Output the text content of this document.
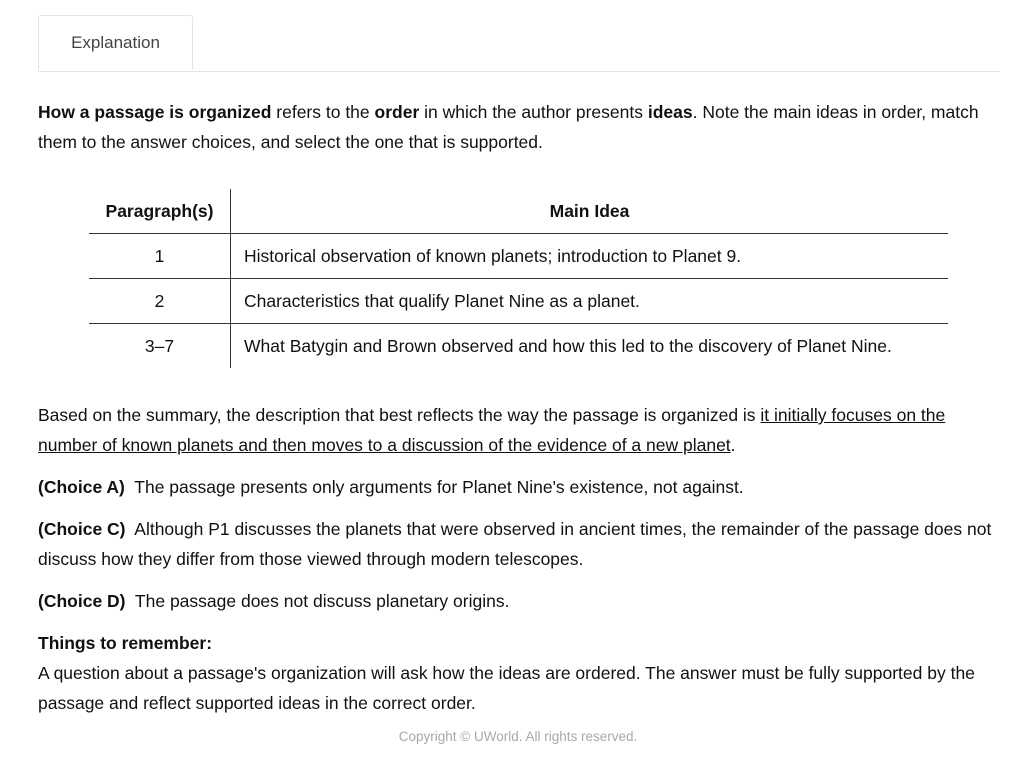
Explanation

How a passage is organized refers to the order in which the author presents ideas. Note the main ideas in order, match them to the answer choices, and select the one that is supported.

Paragraph(s)	Main Idea
1	Historical observation of known planets; introduction to Planet 9.
2	Characteristics that qualify Planet Nine as a planet.
3–7	What Batygin and Brown observed and how this led to the discovery of Planet Nine.

Based on the summary, the description that best reflects the way the passage is organized is it initially focuses on the number of known planets and then moves to a discussion of the evidence of a new planet.

(Choice A) The passage presents only arguments for Planet Nine's existence, not against.

(Choice C) Although P1 discusses the planets that were observed in ancient times, the remainder of the passage does not discuss how they differ from those viewed through modern telescopes.

(Choice D) The passage does not discuss planetary origins.

Things to remember:

A question about a passage's organization will ask how the ideas are ordered. The answer must be fully supported by the passage and reflect supported ideas in the correct order.

Copyright © UWorld. All rights reserved.
